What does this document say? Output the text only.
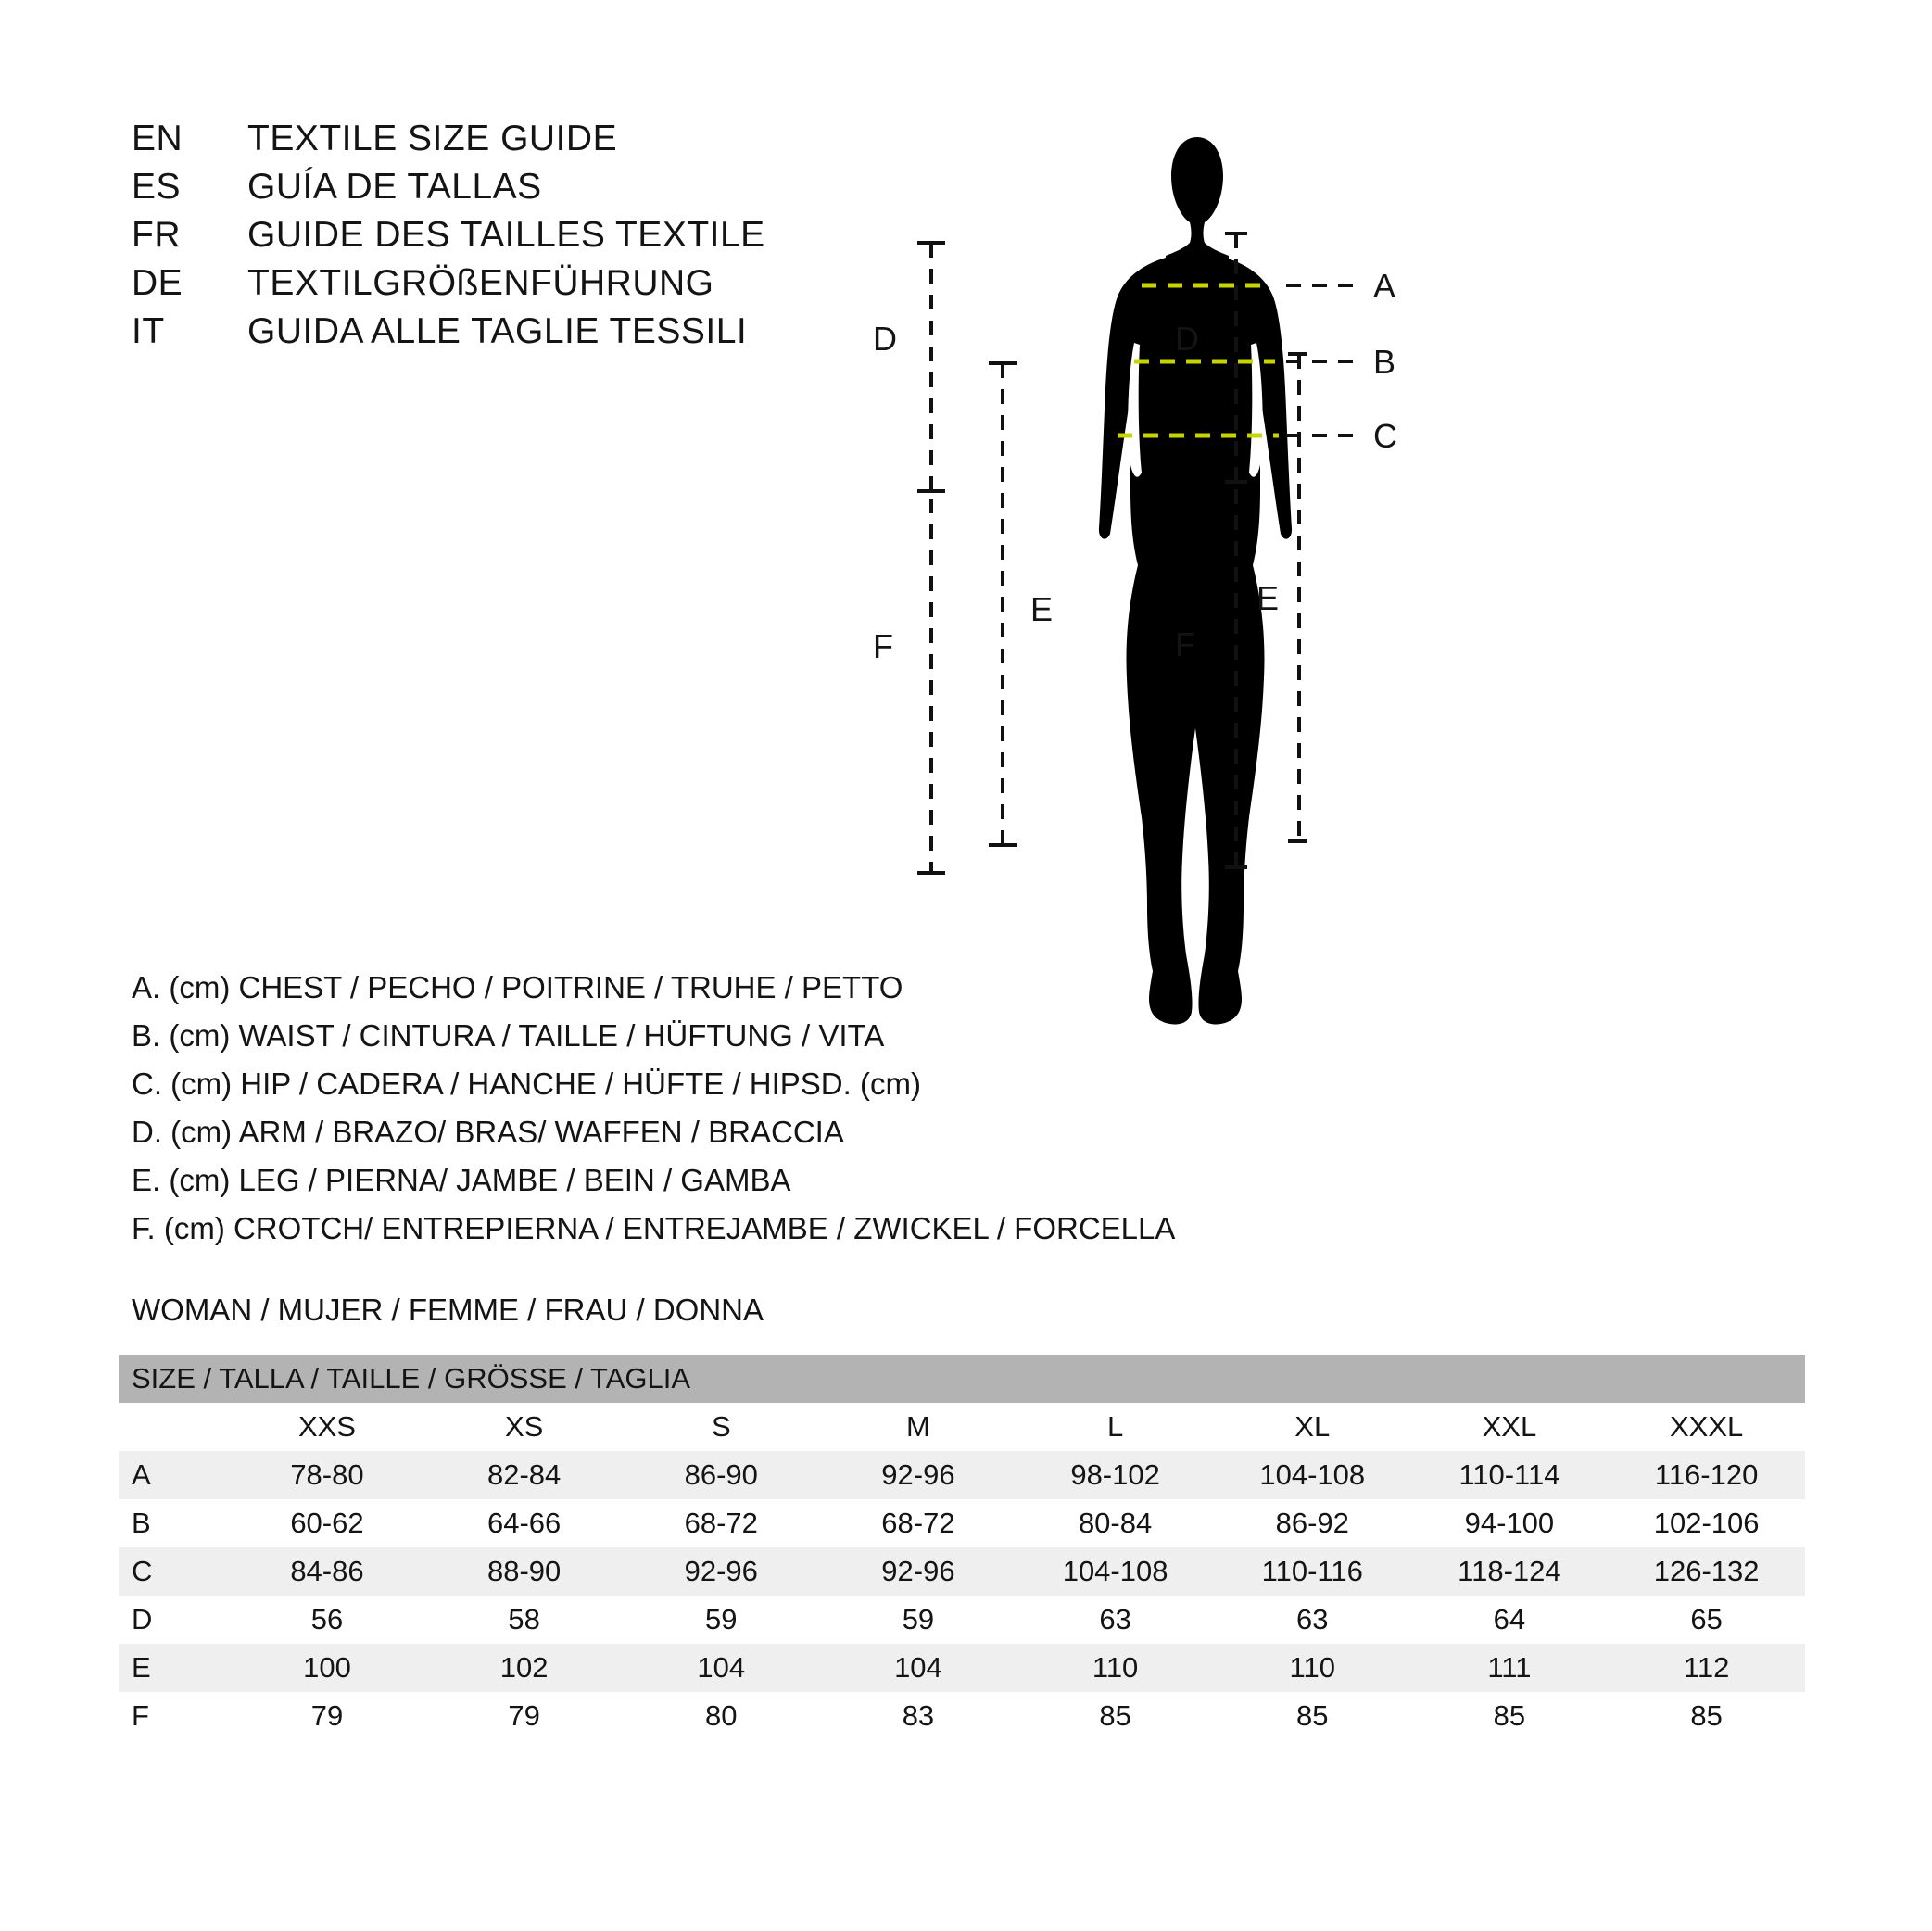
EN	TEXTILE SIZE GUIDE
ES	GUÍA DE TALLAS
FR	GUIDE DES TAILLES TEXTILE
DE	TEXTILGRÖßENFÜHRUNG
IT	GUIDA ALLE TAGLIE TESSILI
A. (cm) CHEST / PECHO / POITRINE / TRUHE / PETTO
B. (cm) WAIST / CINTURA / TAILLE / HÜFTUNG / VITA
C. (cm) HIP / CADERA / HANCHE / HÜFTE / HIPSD. (cm)
D. (cm) ARM / BRAZO/ BRAS/ WAFFEN / BRACCIA
E. (cm) LEG / PIERNA/ JAMBE / BEIN / GAMBA
F. (cm) CROTCH/ ENTREPIERNA / ENTREJAMBE / ZWICKEL / FORCELLA
WOMAN / MUJER / FEMME / FRAU / DONNA
SIZE / TALLA / TAILLE / GRÖSSE / TAGLIA								
	XXS	XS	S	M	L	XL	XXL	XXXL
A	78-80	82-84	86-90	92-96	98-102	104-108	110-114	116-120
B	60-62	64-66	68-72	68-72	80-84	86-92	94-100	102-106
C	84-86	88-90	92-96	92-96	104-108	110-116	118-124	126-132
D	56	58	59	59	63	63	64	65
E	100	102	104	104	110	110	111	112
F	79	79	80	83	85	85	85	85
A
B
C
D
E
F
D
F
E
